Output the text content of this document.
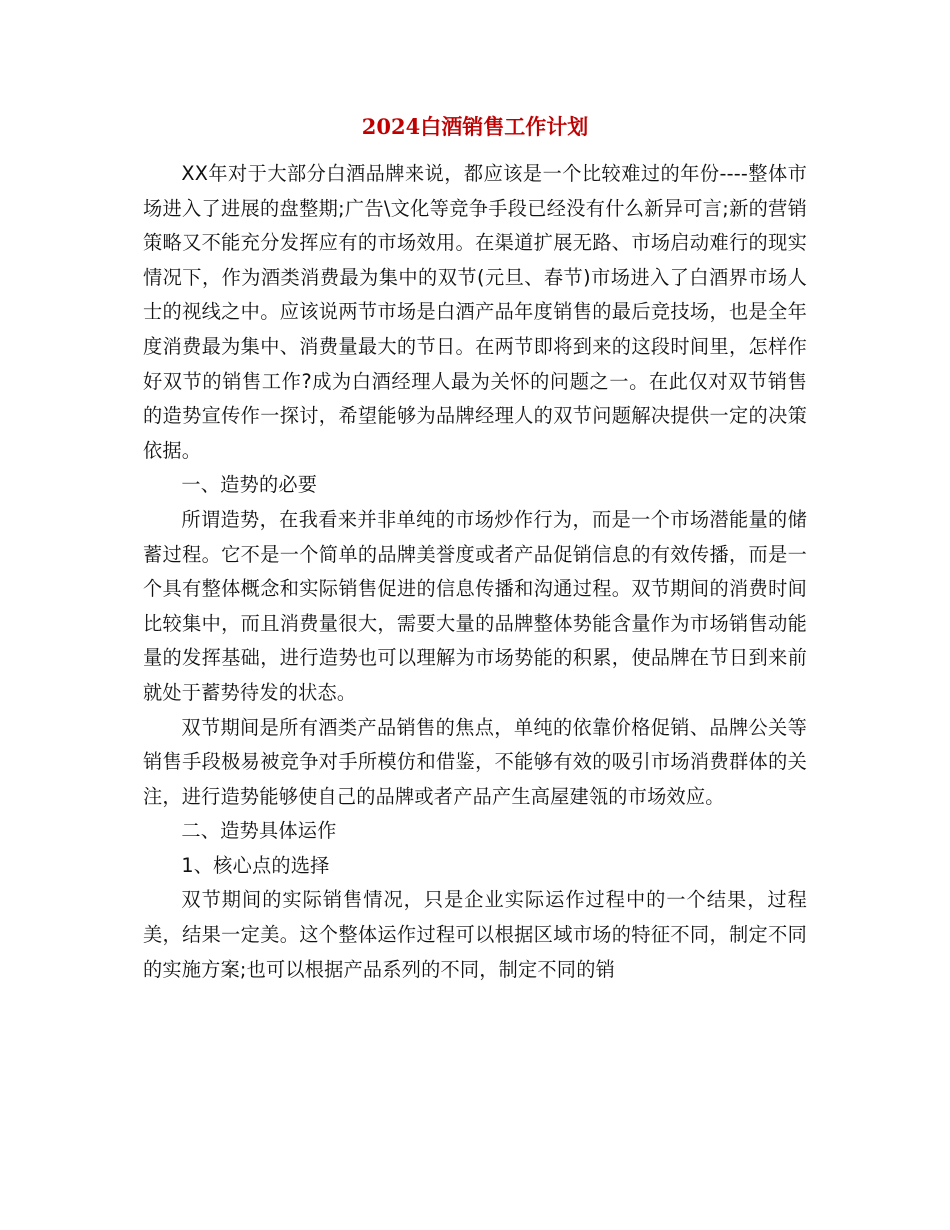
2024白酒销售工作计划

XX年对于大部分白酒品牌来说，都应该是一个比较难过的年份----整体市场进入了进展的盘整期;广告\文化等竞争手段已经没有什么新异可言;新的营销策略又不能充分发挥应有的市场效用。在渠道扩展无路、市场启动难行的现实情况下，作为酒类消费最为集中的双节(元旦、春节)市场进入了白酒界市场人士的视线之中。应该说两节市场是白酒产品年度销售的最后竞技场，也是全年度消费最为集中、消费量最大的节日。在两节即将到来的这段时间里，怎样作好双节的销售工作?成为白酒经理人最为关怀的问题之一。在此仅对双节销售的造势宣传作一探讨，希望能够为品牌经理人的双节问题解决提供一定的决策依据。

一、造势的必要

所谓造势，在我看来并非单纯的市场炒作行为，而是一个市场潜能量的储蓄过程。它不是一个简单的品牌美誉度或者产品促销信息的有效传播，而是一个具有整体概念和实际销售促进的信息传播和沟通过程。双节期间的消费时间比较集中，而且消费量很大，需要大量的品牌整体势能含量作为市场销售动能量的发挥基础，进行造势也可以理解为市场势能的积累，使品牌在节日到来前就处于蓄势待发的状态。

双节期间是所有酒类产品销售的焦点，单纯的依靠价格促销、品牌公关等销售手段极易被竞争对手所模仿和借鉴，不能够有效的吸引市场消费群体的关注，进行造势能够使自己的品牌或者产品产生高屋建瓴的市场效应。

二、造势具体运作

1、核心点的选择

双节期间的实际销售情况，只是企业实际运作过程中的一个结果，过程美，结果一定美。这个整体运作过程可以根据区域市场的特征不同，制定不同的实施方案;也可以根据产品系列的不同，制定不同的销
